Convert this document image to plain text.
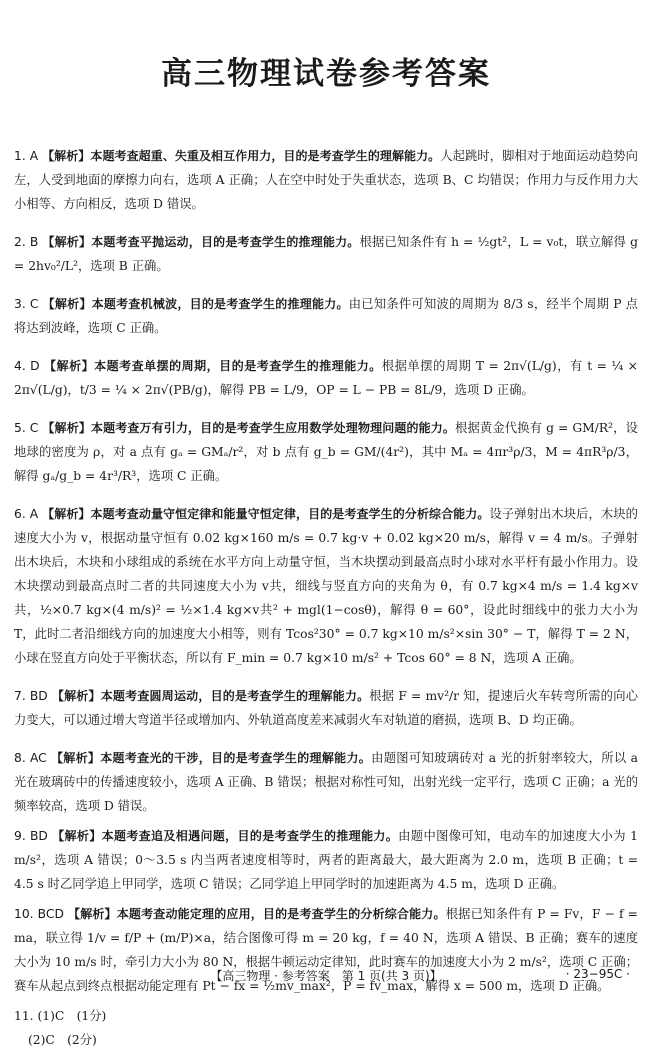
高三物理试卷参考答案

1. A 【解析】本题考查超重、失重及相互作用力，目的是考查学生的理解能力。人起跳时，脚相对于地面运动趋势向左，人受到地面的摩擦力向右，选项 A 正确；人在空中时处于失重状态，选项 B、C 均错误；作用力与反作用力大小相等、方向相反，选项 D 错误。

2. B 【解析】本题考查平抛运动，目的是考查学生的推理能力。根据已知条件有 h = ½gt²，L = v₀t，联立解得 g = 2hv₀²/L²，选项 B 正确。

3. C 【解析】本题考查机械波，目的是考查学生的推理能力。由已知条件可知波的周期为 8/3 s，经半个周期 P 点将达到波峰，选项 C 正确。

4. D 【解析】本题考查单摆的周期，目的是考查学生的推理能力。根据单摆的周期 T = 2π√(L/g)，有 t = ¼ × 2π√(L/g)，t/3 = ¼ × 2π√(PB/g)，解得 PB = L/9，OP = L − PB = 8L/9，选项 D 正确。

5. C 【解析】本题考查万有引力，目的是考查学生应用数学处理物理问题的能力。根据黄金代换有 g = GM/R²，设地球的密度为 ρ，对 a 点有 gₐ = GMₐ/r²，对 b 点有 g_b = GM/(4r²)，其中 Mₐ = 4πr³ρ/3，M = 4πR³ρ/3，解得 gₐ/g_b = 4r³/R³，选项 C 正确。

6. A 【解析】本题考查动量守恒定律和能量守恒定律，目的是考查学生的分析综合能力。设子弹射出木块后，木块的速度大小为 v，根据动量守恒有 0.02 kg×160 m/s = 0.7 kg·v + 0.02 kg×20 m/s，解得 v = 4 m/s。子弹射出木块后，木块和小球组成的系统在水平方向上动量守恒，当木块摆动到最高点时小球对水平杆有最小作用力。设木块摆动到最高点时二者的共同速度大小为 v共，细线与竖直方向的夹角为 θ，有 0.7 kg×4 m/s = 1.4 kg×v共，½×0.7 kg×(4 m/s)² = ½×1.4 kg×v共² + mgl(1−cosθ)，解得 θ = 60°，设此时细线中的张力大小为 T，此时二者沿细线方向的加速度大小相等，则有 Tcos²30° = 0.7 kg×10 m/s²×sin 30° − T，解得 T = 2 N，小球在竖直方向处于平衡状态，所以有 F_min = 0.7 kg×10 m/s² + Tcos 60° = 8 N，选项 A 正确。

7. BD 【解析】本题考查圆周运动，目的是考查学生的理解能力。根据 F = mv²/r 知，提速后火车转弯所需的向心力变大，可以通过增大弯道半径或增加内、外轨道高度差来减弱火车对轨道的磨损，选项 B、D 均正确。

8. AC 【解析】本题考查光的干涉，目的是考查学生的理解能力。由题图可知玻璃砖对 a 光的折射率较大，所以 a 光在玻璃砖中的传播速度较小，选项 A 正确、B 错误；根据对称性可知，出射光线一定平行，选项 C 正确；a 光的频率较高，选项 D 错误。

9. BD 【解析】本题考查追及相遇问题，目的是考查学生的推理能力。由题中图像可知，电动车的加速度大小为 1 m/s²，选项 A 错误；0～3.5 s 内当两者速度相等时，两者的距离最大，最大距离为 2.0 m，选项 B 正确；t = 4.5 s 时乙同学追上甲同学，选项 C 错误；乙同学追上甲同学时的加速距离为 4.5 m，选项 D 正确。

10. BCD 【解析】本题考查动能定理的应用，目的是考查学生的分析综合能力。根据已知条件有 P = Fv，F − f = ma，联立得 1/v = f/P + (m/P)×a，结合图像可得 m = 20 kg，f = 40 N，选项 A 错误、B 正确；赛车的速度大小为 10 m/s 时，牵引力大小为 80 N，根据牛顿运动定律知，此时赛车的加速度大小为 2 m/s²，选项 C 正确；赛车从起点到终点根据动能定理有 Pt − fx = ½mv_max²，P = fv_max，解得 x = 500 m，选项 D 正确。

11. (1)C　(1分)

(2)C　(2分)

【高三物理 · 参考答案　第 1 页(共 3 页)】	· 23−95C ·
